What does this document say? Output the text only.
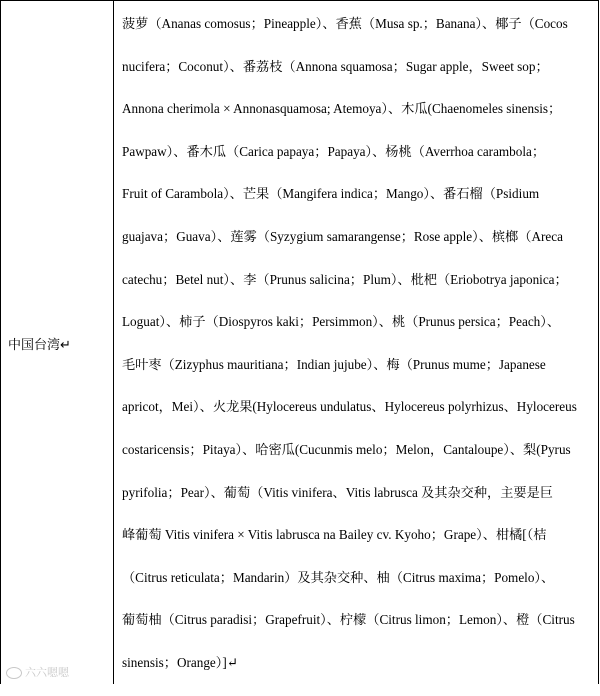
中国台湾↵
菠萝（Ananas comosus；Pineapple）、香蕉（Musa sp.；Banana）、椰子（Cocos
nucifera；Coconut）、番荔枝（Annona squamosa；Sugar apple，Sweet sop；
Annona cherimola × Annonasquamosa; Atemoya）、木瓜(Chaenomeles sinensis；
Pawpaw）、番木瓜（Carica papaya；Papaya）、杨桃（Averrhoa carambola；
Fruit of Carambola）、芒果（Mangifera indica；Mango）、番石榴（Psidium
guajava；Guava）、莲雾（Syzygium samarangense；Rose apple）、槟榔（Areca
catechu；Betel nut）、李（Prunus salicina；Plum）、枇杷（Eriobotrya japonica；
Loguat）、柿子（Diospyros kaki；Persimmon）、桃（Prunus persica；Peach）、
毛叶枣（Zizyphus mauritiana；Indian jujube）、梅（Prunus mume；Japanese
apricot，Mei）、火龙果(Hylocereus undulatus、Hylocereus polyrhizus、Hylocereus
costaricensis；Pitaya）、哈密瓜(Cucunmis melo；Melon，Cantaloupe）、梨(Pyrus
pyrifolia；Pear）、葡萄（Vitis vinifera、Vitis labrusca 及其杂交种，主要是巨
峰葡萄 Vitis vinifera × Vitis labrusca na Bailey cv. Kyoho；Grape）、柑橘[（桔
（Citrus reticulata；Mandarin）及其杂交种、柚（Citrus maxima；Pomelo）、
葡萄柚（Citrus paradisi；Grapefruit）、柠檬（Citrus limon；Lemon）、橙（Citrus
sinensis；Orange）]↵
六六嗯嗯
